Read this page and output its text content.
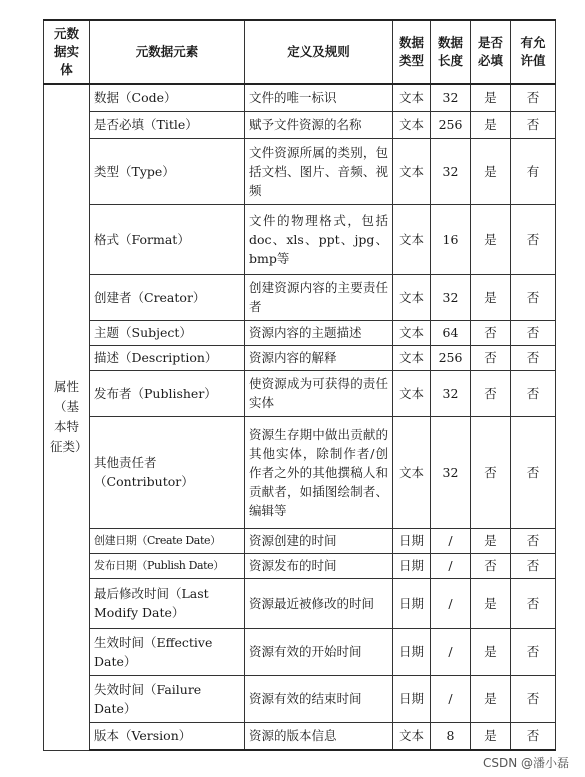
元数据实体	元数据元素	定义及规则	数据类型	数据长度	是否必填	有允许值
属性（基本特征类）	数据（Code）	文件的唯一标识	文本	32	是	否
	是否必填（Title）	赋予文件资源的名称	文本	256	是	否
	类型（Type）	文件资源所属的类别，包括文档、图片、音频、视频	文本	32	是	有
	格式（Format）	文件的物理格式，包括doc、xls、ppt、jpg、bmp等	文本	16	是	否
	创建者（Creator）	创建资源内容的主要责任者	文本	32	是	否
	主题（Subject）	资源内容的主题描述	文本	64	否	否
	描述（Description）	资源内容的解释	文本	256	否	否
	发布者（Publisher）	使资源成为可获得的责任实体	文本	32	否	否
	其他责任者（Contributor）	资源生存期中做出贡献的其他实体，除制作者/创作者之外的其他撰稿人和贡献者，如插图绘制者、编辑等	文本	32	否	否
	创建日期（Create Date）	资源创建的时间	日期	/	是	否
	发布日期（Publish Date）	资源发布的时间	日期	/	否	否
	最后修改时间（Last Modify Date）	资源最近被修改的时间	日期	/	是	否
	生效时间（Effective Date）	资源有效的开始时间	日期	/	是	否
	失效时间（Failure Date）	资源有效的结束时间	日期	/	是	否
	版本（Version）	资源的版本信息	文本	8	是	否
CSDN @潘小磊
